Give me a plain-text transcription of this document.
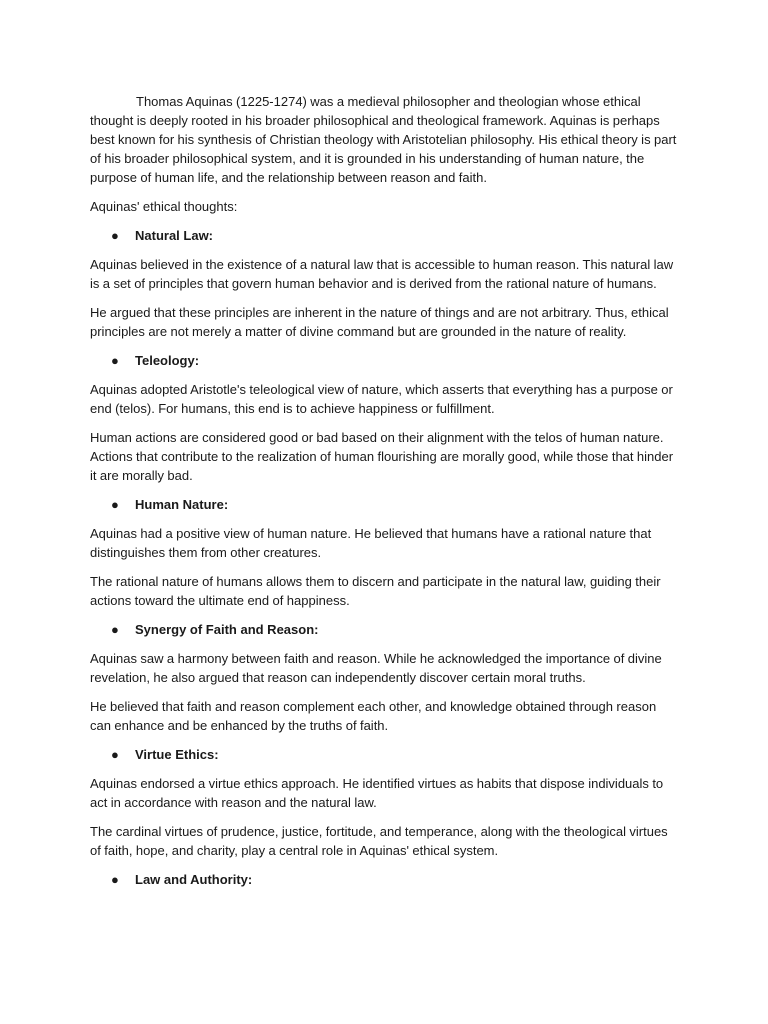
Thomas Aquinas (1225-1274) was a medieval philosopher and theologian whose ethical thought is deeply rooted in his broader philosophical and theological framework. Aquinas is perhaps best known for his synthesis of Christian theology with Aristotelian philosophy. His ethical theory is part of his broader philosophical system, and it is grounded in his understanding of human nature, the purpose of human life, and the relationship between reason and faith.

Aquinas' ethical thoughts:

●	Natural Law:

Aquinas believed in the existence of a natural law that is accessible to human reason. This natural law is a set of principles that govern human behavior and is derived from the rational nature of humans.

He argued that these principles are inherent in the nature of things and are not arbitrary. Thus, ethical principles are not merely a matter of divine command but are grounded in the nature of reality.

●	Teleology:

Aquinas adopted Aristotle's teleological view of nature, which asserts that everything has a purpose or end (telos). For humans, this end is to achieve happiness or fulfillment.

Human actions are considered good or bad based on their alignment with the telos of human nature. Actions that contribute to the realization of human flourishing are morally good, while those that hinder it are morally bad.

●	Human Nature:

Aquinas had a positive view of human nature. He believed that humans have a rational nature that distinguishes them from other creatures.

The rational nature of humans allows them to discern and participate in the natural law, guiding their actions toward the ultimate end of happiness.

●	Synergy of Faith and Reason:

Aquinas saw a harmony between faith and reason. While he acknowledged the importance of divine revelation, he also argued that reason can independently discover certain moral truths.

He believed that faith and reason complement each other, and knowledge obtained through reason can enhance and be enhanced by the truths of faith.

●	Virtue Ethics:

Aquinas endorsed a virtue ethics approach. He identified virtues as habits that dispose individuals to act in accordance with reason and the natural law.

The cardinal virtues of prudence, justice, fortitude, and temperance, along with the theological virtues of faith, hope, and charity, play a central role in Aquinas' ethical system.

●	Law and Authority:
